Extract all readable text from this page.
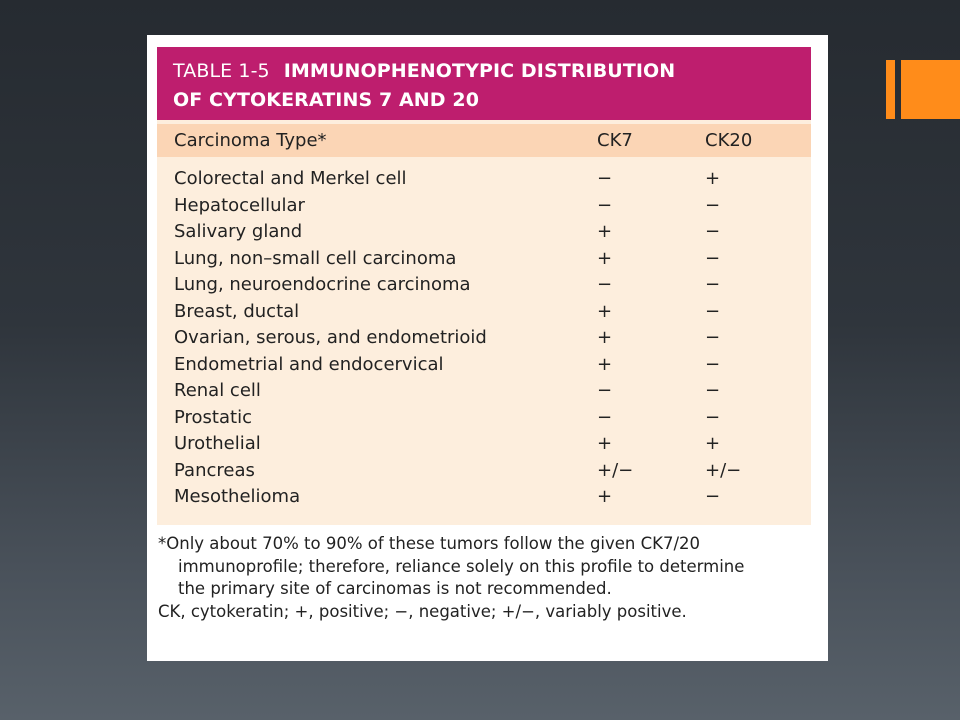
TABLE 1-5 IMMUNOPHENOTYPIC DISTRIBUTION
OF CYTOKERATINS 7 AND 20
Carcinoma Type*	CK7	CK20
Colorectal and Merkel cell	−	+
Hepatocellular	−	−
Salivary gland	+	−
Lung, non–small cell carcinoma	+	−
Lung, neuroendocrine carcinoma	−	−
Breast, ductal	+	−
Ovarian, serous, and endometrioid	+	−
Endometrial and endocervical	+	−
Renal cell	−	−
Prostatic	−	−
Urothelial	+	+
Pancreas	+/−	+/−
Mesothelioma	+	−
*Only about 70% to 90% of these tumors follow the given CK7/20
immunoprofile; therefore, reliance solely on this profile to determine
the primary site of carcinomas is not recommended.
CK, cytokeratin; +, positive; −, negative; +/−, variably positive.
